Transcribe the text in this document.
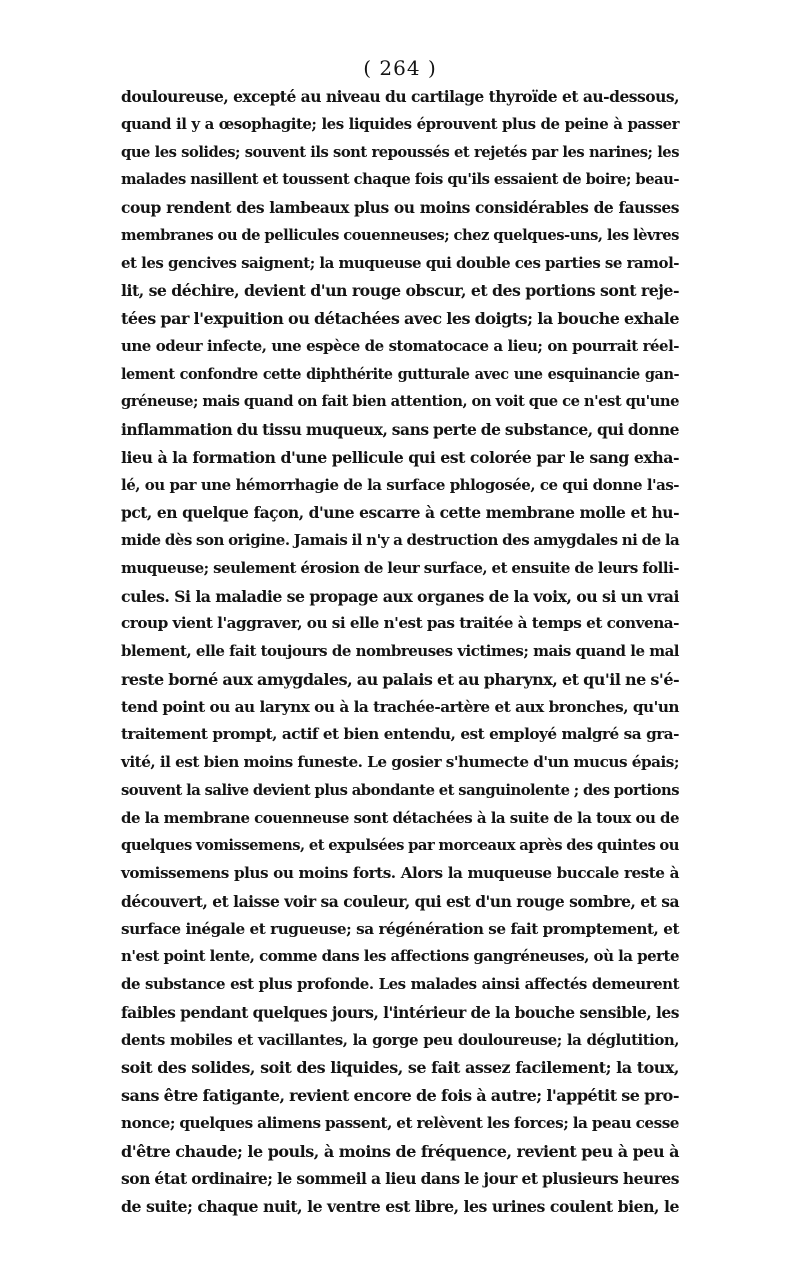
( 264 )
douloureuse, excepté au niveau du cartilage thyroïde et au-dessous,
quand il y a œsophagite; les liquides éprouvent plus de peine à passer
que les solides; souvent ils sont repoussés et rejetés par les narines; les
malades nasillent et toussent chaque fois qu'ils essaient de boire; beau-
coup rendent des lambeaux plus ou moins considérables de fausses
membranes ou de pellicules couenneuses; chez quelques-uns, les lèvres
et les gencives saignent; la muqueuse qui double ces parties se ramol-
lit, se déchire, devient d'un rouge obscur, et des portions sont reje-
tées par l'expuition ou détachées avec les doigts; la bouche exhale
une odeur infecte, une espèce de stomatocace a lieu; on pourrait réel-
lement confondre cette diphthérite gutturale avec une esquinancie gan-
gréneuse; mais quand on fait bien attention, on voit que ce n'est qu'une
inflammation du tissu muqueux, sans perte de substance, qui donne
lieu à la formation d'une pellicule qui est colorée par le sang exha-
lé, ou par une hémorrhagie de la surface phlogosée, ce qui donne l'as-
pct, en quelque façon, d'une escarre à cette membrane molle et hu-
mide dès son origine. Jamais il n'y a destruction des amygdales ni de la
muqueuse; seulement érosion de leur surface, et ensuite de leurs folli-
cules. Si la maladie se propage aux organes de la voix, ou si un vrai
croup vient l'aggraver, ou si elle n'est pas traitée à temps et convena-
blement, elle fait toujours de nombreuses victimes; mais quand le mal
reste borné aux amygdales, au palais et au pharynx, et qu'il ne s'é-
tend point ou au larynx ou à la trachée-artère et aux bronches, qu'un
traitement prompt, actif et bien entendu, est employé malgré sa gra-
vité, il est bien moins funeste. Le gosier s'humecte d'un mucus épais;
souvent la salive devient plus abondante et sanguinolente ; des portions
de la membrane couenneuse sont détachées à la suite de la toux ou de
quelques vomissemens, et expulsées par morceaux après des quintes ou
vomissemens plus ou moins forts. Alors la muqueuse buccale reste à
découvert, et laisse voir sa couleur, qui est d'un rouge sombre, et sa
surface inégale et rugueuse; sa régénération se fait promptement, et
n'est point lente, comme dans les affections gangréneuses, où la perte
de substance est plus profonde. Les malades ainsi affectés demeurent
faibles pendant quelques jours, l'intérieur de la bouche sensible, les
dents mobiles et vacillantes, la gorge peu douloureuse; la déglutition,
soit des solides, soit des liquides, se fait assez facilement; la toux,
sans être fatigante, revient encore de fois à autre; l'appétit se pro-
nonce; quelques alimens passent, et relèvent les forces; la peau cesse
d'être chaude; le pouls, à moins de fréquence, revient peu à peu à
son état ordinaire; le sommeil a lieu dans le jour et plusieurs heures
de suite; chaque nuit, le ventre est libre, les urines coulent bien, le
